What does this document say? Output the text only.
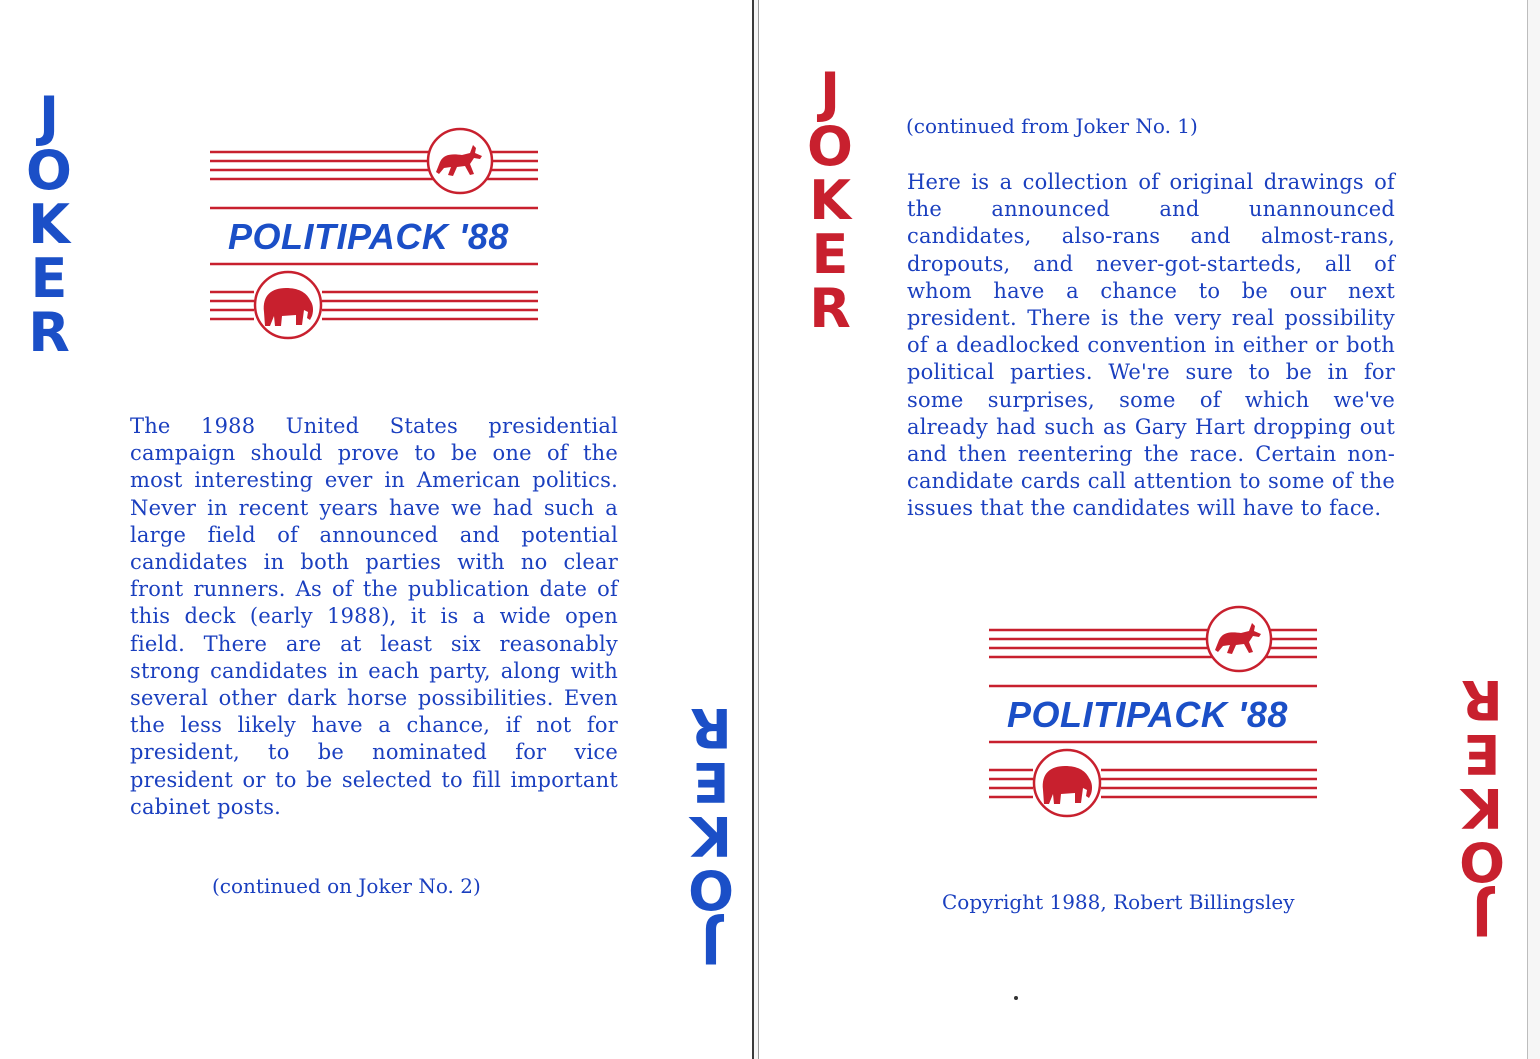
JOKER
POLITIPACK '88
The 1988 United States presidential campaign should prove to be one of the most interesting ever in American politics. Never in recent years have we had such a large field of announced and potential candidates in both parties with no clear front runners. As of the publication date of this deck (early 1988), it is a wide open field. There are at least six reasonably strong candidates in each party, along with several other dark horse possibilities. Even the less likely have a chance, if not for president, to be nominated for vice president or to be selected to fill important cabinet posts.
(continued on Joker No. 2)
JOKER
JOKER
(continued from Joker No. 1)
Here is a collection of original drawings of the announced and unannounced candidates, also-rans and almost-rans, dropouts, and never-got-starteds, all of whom have a chance to be our next president. There is the very real possibility of a deadlocked convention in either or both political parties. We're sure to be in for some surprises, some of which we've already had such as Gary Hart dropping out and then reentering the race. Certain non-candidate cards call attention to some of the issues that the candidates will have to face.
POLITIPACK '88
Copyright 1988, Robert Billingsley	JOKER
